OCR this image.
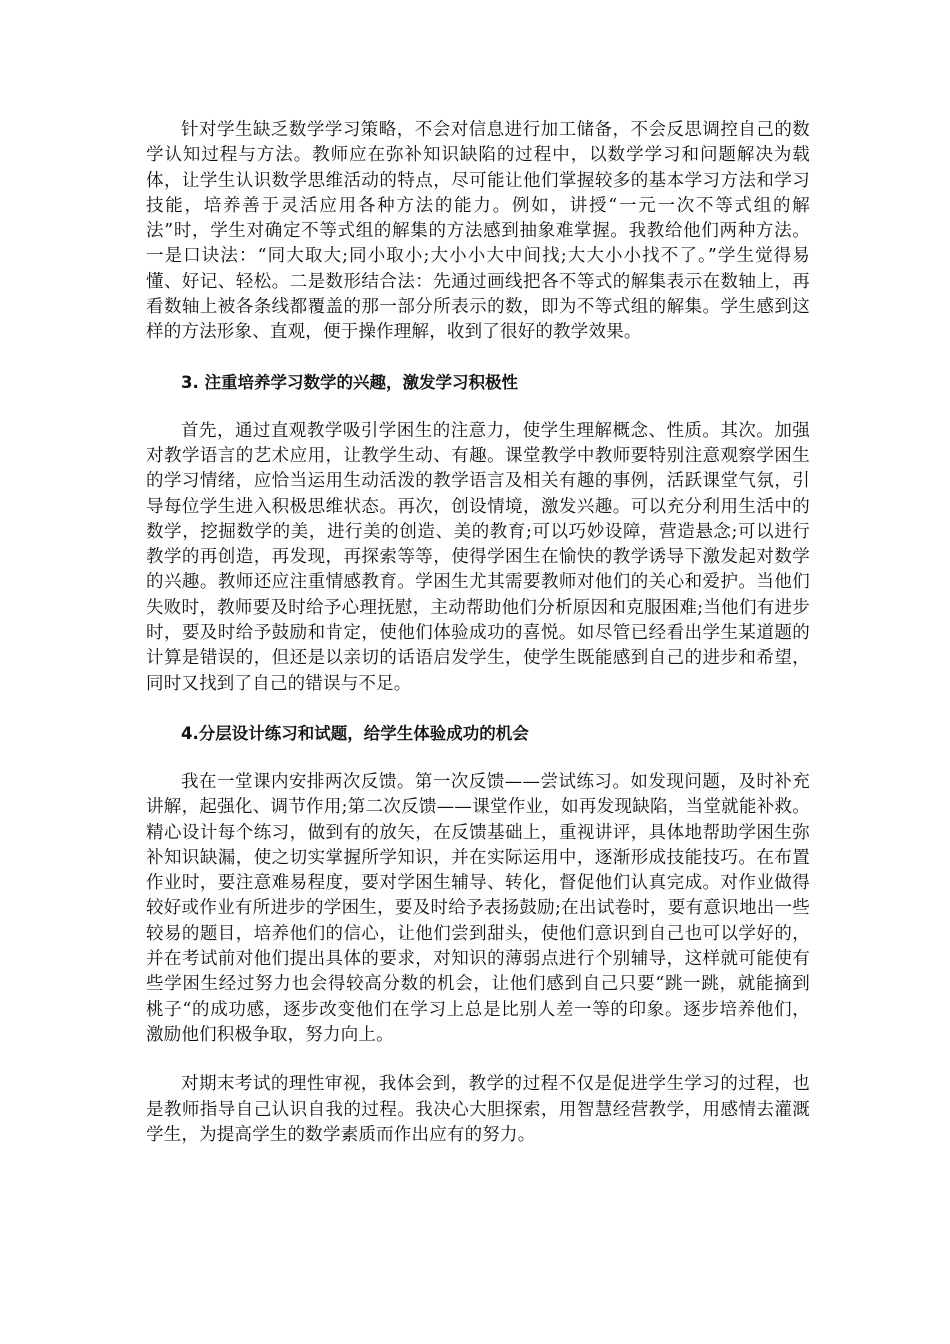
针对学生缺乏数学学习策略，不会对信息进行加工储备，不会反思调控自己的数学认知过程与方法。教师应在弥补知识缺陷的过程中，以数学学习和问题解决为载体，让学生认识数学思维活动的特点，尽可能让他们掌握较多的基本学习方法和学习技能，培养善于灵活应用各种方法的能力。例如，讲授“一元一次不等式组的解法”时，学生对确定不等式组的解集的方法感到抽象难掌握。我教给他们两种方法。一是口诀法：“同大取大;同小取小;大小小大中间找;大大小小找不了。”学生觉得易懂、好记、轻松。二是数形结合法：先通过画线把各不等式的解集表示在数轴上，再看数轴上被各条线都覆盖的那一部分所表示的数，即为不等式组的解集。学生感到这样的方法形象、直观，便于操作理解，收到了很好的教学效果。

3. 注重培养学习数学的兴趣，激发学习积极性

首先，通过直观教学吸引学困生的注意力，使学生理解概念、性质。其次。加强对教学语言的艺术应用，让教学生动、有趣。课堂教学中教师要特别注意观察学困生的学习情绪，应恰当运用生动活泼的教学语言及相关有趣的事例，活跃课堂气氛，引导每位学生进入积极思维状态。再次，创设情境，激发兴趣。可以充分利用生活中的数学，挖掘数学的美，进行美的创造、美的教育;可以巧妙设障，营造悬念;可以进行教学的再创造，再发现，再探索等等，使得学困生在愉快的教学诱导下激发起对数学的兴趣。教师还应注重情感教育。学困生尤其需要教师对他们的关心和爱护。当他们失败时，教师要及时给予心理抚慰，主动帮助他们分析原因和克服困难;当他们有进步时，要及时给予鼓励和肯定，使他们体验成功的喜悦。如尽管已经看出学生某道题的计算是错误的，但还是以亲切的话语启发学生，使学生既能感到自己的进步和希望，同时又找到了自己的错误与不足。

4.分层设计练习和试题，给学生体验成功的机会

我在一堂课内安排两次反馈。第一次反馈——尝试练习。如发现问题，及时补充讲解，起强化、调节作用;第二次反馈——课堂作业，如再发现缺陷，当堂就能补救。精心设计每个练习，做到有的放矢，在反馈基础上，重视讲评，具体地帮助学困生弥补知识缺漏，使之切实掌握所学知识，并在实际运用中，逐渐形成技能技巧。在布置作业时，要注意难易程度，要对学困生辅导、转化，督促他们认真完成。对作业做得较好或作业有所进步的学困生，要及时给予表扬鼓励;在出试卷时，要有意识地出一些较易的题目，培养他们的信心，让他们尝到甜头，使他们意识到自己也可以学好的，并在考试前对他们提出具体的要求，对知识的薄弱点进行个别辅导，这样就可能使有些学困生经过努力也会得较高分数的机会，让他们感到自己只要“跳一跳，就能摘到桃子“的成功感，逐步改变他们在学习上总是比别人差一等的印象。逐步培养他们，激励他们积极争取，努力向上。

对期末考试的理性审视，我体会到，教学的过程不仅是促进学生学习的过程，也是教师指导自己认识自我的过程。我决心大胆探索，用智慧经营教学，用感情去灌溉学生，为提高学生的数学素质而作出应有的努力。
